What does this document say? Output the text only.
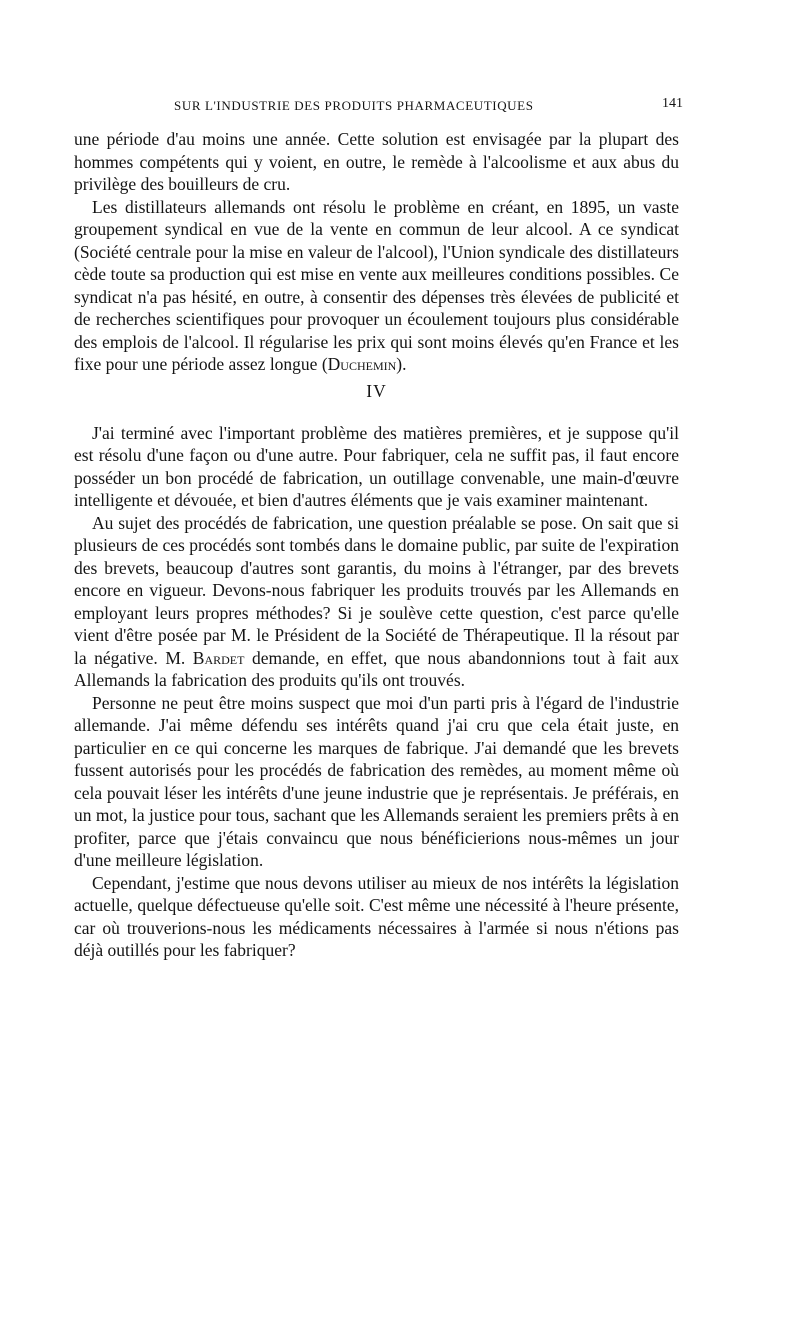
SUR L'INDUSTRIE DES PRODUITS PHARMACEUTIQUES	141

une période d'au moins une année. Cette solution est envisagée par la plupart des hommes compétents qui y voient, en outre, le remède à l'alcoolisme et aux abus du privilège des bouilleurs de cru.

Les distillateurs allemands ont résolu le problème en créant, en 1895, un vaste groupement syndical en vue de la vente en commun de leur alcool. A ce syndicat (Société centrale pour la mise en valeur de l'alcool), l'Union syndicale des distillateurs cède toute sa production qui est mise en vente aux meilleures conditions possibles. Ce syndicat n'a pas hésité, en outre, à consentir des dépenses très élevées de publicité et de recherches scientifiques pour provoquer un écoulement toujours plus considérable des emplois de l'alcool. Il régularise les prix qui sont moins élevés qu'en France et les fixe pour une période assez longue (Duchemin).

IV

J'ai terminé avec l'important problème des matières premières, et je suppose qu'il est résolu d'une façon ou d'une autre. Pour fabriquer, cela ne suffit pas, il faut encore posséder un bon procédé de fabrication, un outillage convenable, une main-d'œuvre intelligente et dévouée, et bien d'autres éléments que je vais examiner maintenant.

Au sujet des procédés de fabrication, une question préalable se pose. On sait que si plusieurs de ces procédés sont tombés dans le domaine public, par suite de l'expiration des brevets, beaucoup d'autres sont garantis, du moins à l'étranger, par des brevets encore en vigueur. Devons-nous fabriquer les produits trouvés par les Allemands en employant leurs propres méthodes? Si je soulève cette question, c'est parce qu'elle vient d'être posée par M. le Président de la Société de Thérapeutique. Il la résout par la négative. M. Bardet demande, en effet, que nous abandonnions tout à fait aux Allemands la fabrication des produits qu'ils ont trouvés.

Personne ne peut être moins suspect que moi d'un parti pris à l'égard de l'industrie allemande. J'ai même défendu ses intérêts quand j'ai cru que cela était juste, en particulier en ce qui concerne les marques de fabrique. J'ai demandé que les brevets fussent autorisés pour les procédés de fabrication des remèdes, au moment même où cela pouvait léser les intérêts d'une jeune industrie que je représentais. Je préférais, en un mot, la justice pour tous, sachant que les Allemands seraient les premiers prêts à en profiter, parce que j'étais convaincu que nous bénéficierions nous-mêmes un jour d'une meilleure législation.

Cependant, j'estime que nous devons utiliser au mieux de nos intérêts la législation actuelle, quelque défectueuse qu'elle soit. C'est même une nécessité à l'heure présente, car où trouverions-nous les médicaments nécessaires à l'armée si nous n'étions pas déjà outillés pour les fabriquer?
